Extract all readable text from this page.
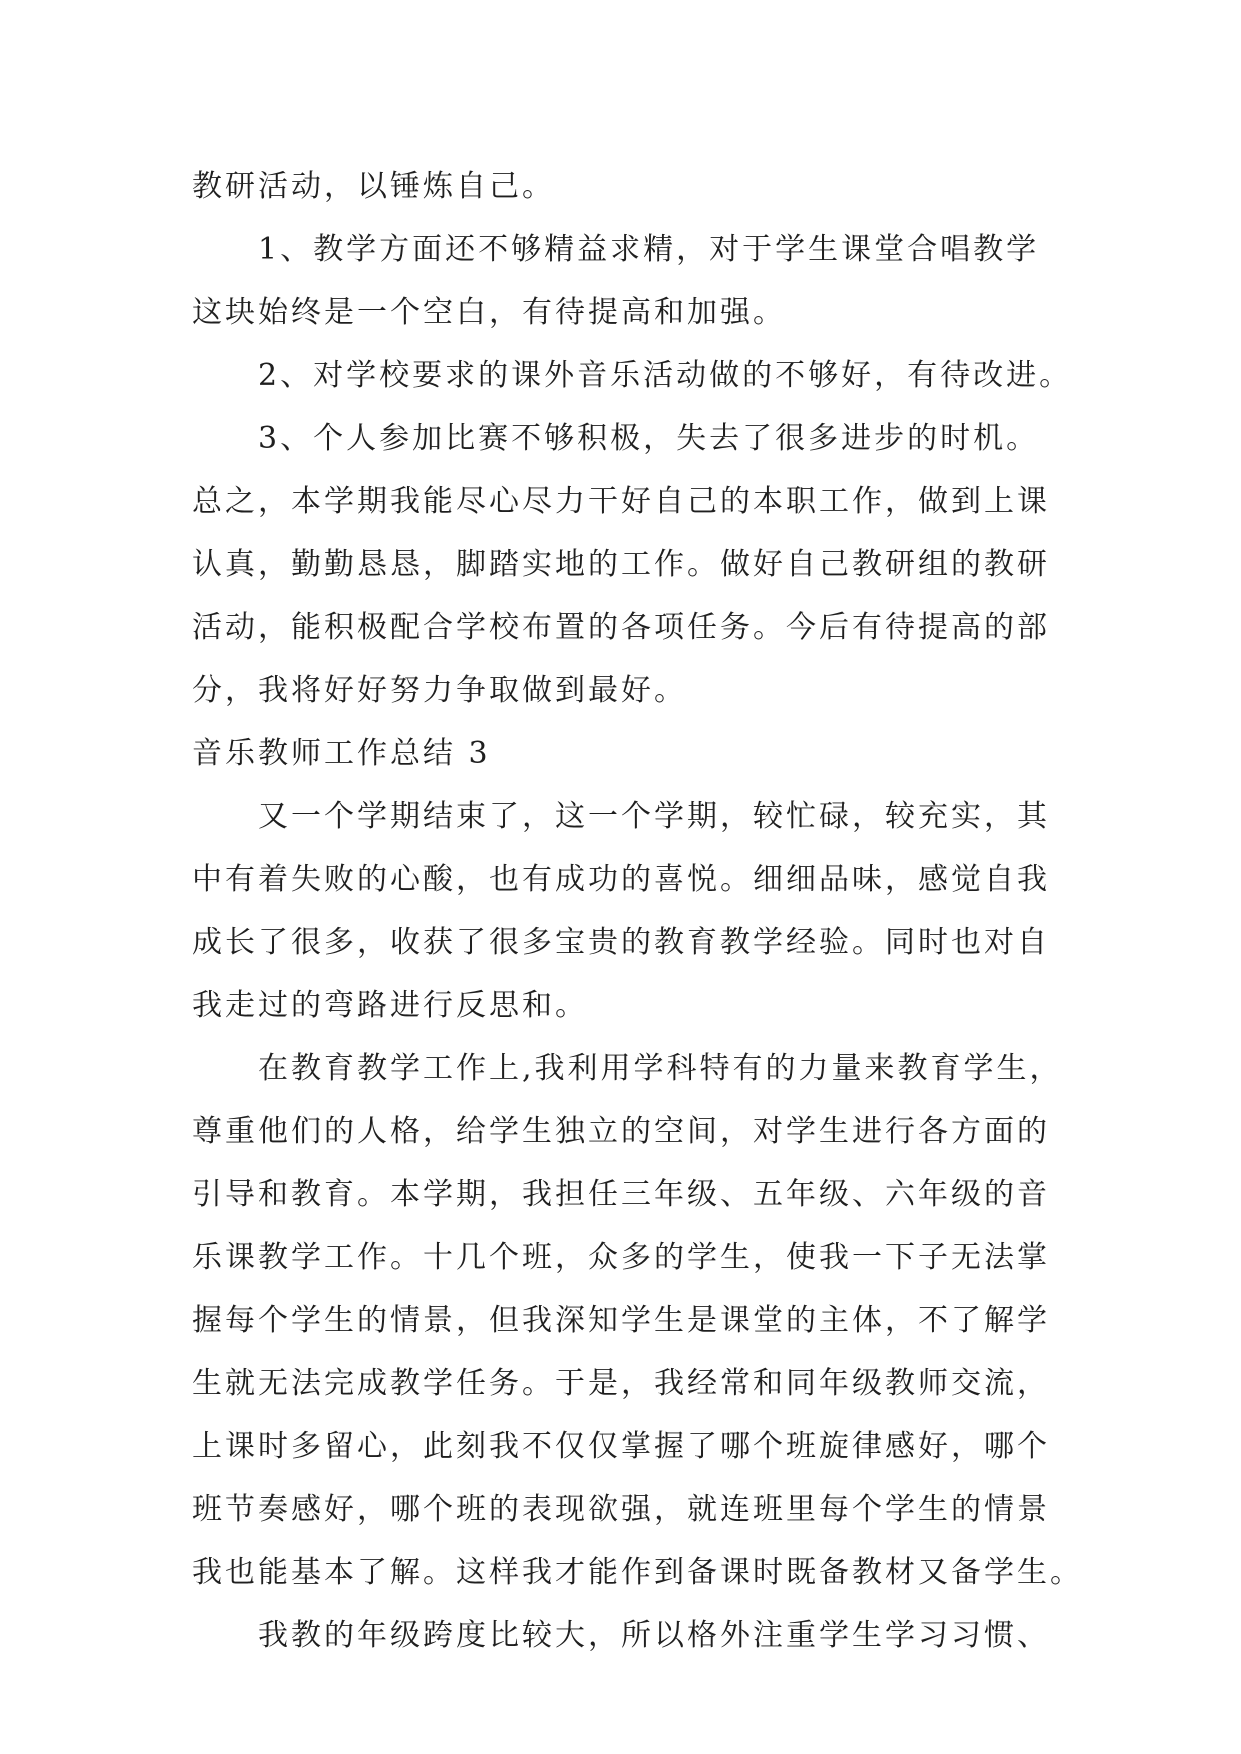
教研活动，以锤炼自己。
1、教学方面还不够精益求精，对于学生课堂合唱教学
这块始终是一个空白，有待提高和加强。
2、对学校要求的课外音乐活动做的不够好，有待改进。
3、个人参加比赛不够积极，失去了很多进步的时机。
总之，本学期我能尽心尽力干好自己的本职工作，做到上课
认真，勤勤恳恳，脚踏实地的工作。做好自己教研组的教研
活动，能积极配合学校布置的各项任务。今后有待提高的部
分，我将好好努力争取做到最好。
音乐教师工作总结 3
又一个学期结束了，这一个学期，较忙碌，较充实，其
中有着失败的心酸，也有成功的喜悦。细细品味，感觉自我
成长了很多，收获了很多宝贵的教育教学经验。同时也对自
我走过的弯路进行反思和。
在教育教学工作上,我利用学科特有的力量来教育学生，
尊重他们的人格，给学生独立的空间，对学生进行各方面的
引导和教育。本学期，我担任三年级、五年级、六年级的音
乐课教学工作。十几个班，众多的学生，使我一下子无法掌
握每个学生的情景，但我深知学生是课堂的主体，不了解学
生就无法完成教学任务。于是，我经常和同年级教师交流，
上课时多留心，此刻我不仅仅掌握了哪个班旋律感好，哪个
班节奏感好，哪个班的表现欲强，就连班里每个学生的情景
我也能基本了解。这样我才能作到备课时既备教材又备学生。
我教的年级跨度比较大，所以格外注重学生学习习惯、
